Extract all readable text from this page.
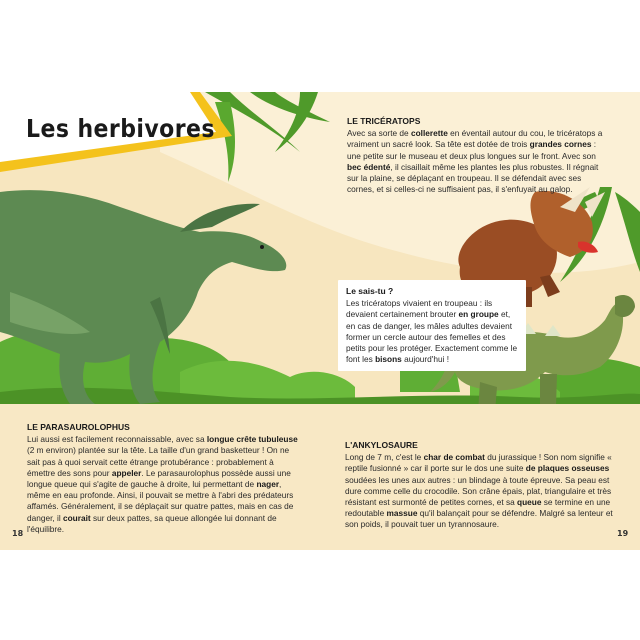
Les herbivores	LE TRICÉRATOPS

Avec sa sorte de collerette en éventail autour du cou, le tricératops a vraiment un sacré look. Sa tête est dotée de trois grandes cornes : une petite sur le museau et deux plus longues sur le front. Avec son bec édenté, il cisaillait même les plantes les plus robustes. Il régnait sur la plaine, se déplaçant en troupeau. Il se défendait avec ses cornes, et si celles-ci ne suffisaient pas, il s'enfuyait au galop.

Le sais-tu ?

Les tricératops vivaient en troupeau : ils devaient certainement brouter en groupe et, en cas de danger, les mâles adultes devaient former un cercle autour des femelles et des petits pour les protéger. Exactement comme le font les bisons aujourd'hui !

LE PARASAUROLOPHUS

Lui aussi est facilement reconnaissable, avec sa longue crête tubuleuse (2 m environ) plantée sur la tête. La taille d'un grand basketteur ! On ne sait pas à quoi servait cette étrange protubérance : probablement à émettre des sons pour appeler. Le parasaurolophus possède aussi une longue queue qui s'agite de gauche à droite, lui permettant de nager, même en eau profonde. Ainsi, il pouvait se mettre à l'abri des prédateurs affamés. Généralement, il se déplaçait sur quatre pattes, mais en cas de danger, il courait sur deux pattes, sa queue allongée lui donnant de l'équilibre.

L'ANKYLOSAURE

Long de 7 m, c'est le char de combat du jurassique ! Son nom signifie « reptile fusionné » car il porte sur le dos une suite de plaques osseuses soudées les unes aux autres : un blindage à toute épreuve. Sa peau est dure comme celle du crocodile. Son crâne épais, plat, triangulaire et très résistant est surmonté de petites cornes, et sa queue se termine en une redoutable massue qu'il balançait pour se défendre. Malgré sa lenteur et son poids, il pouvait tuer un tyrannosaure.

18	19
